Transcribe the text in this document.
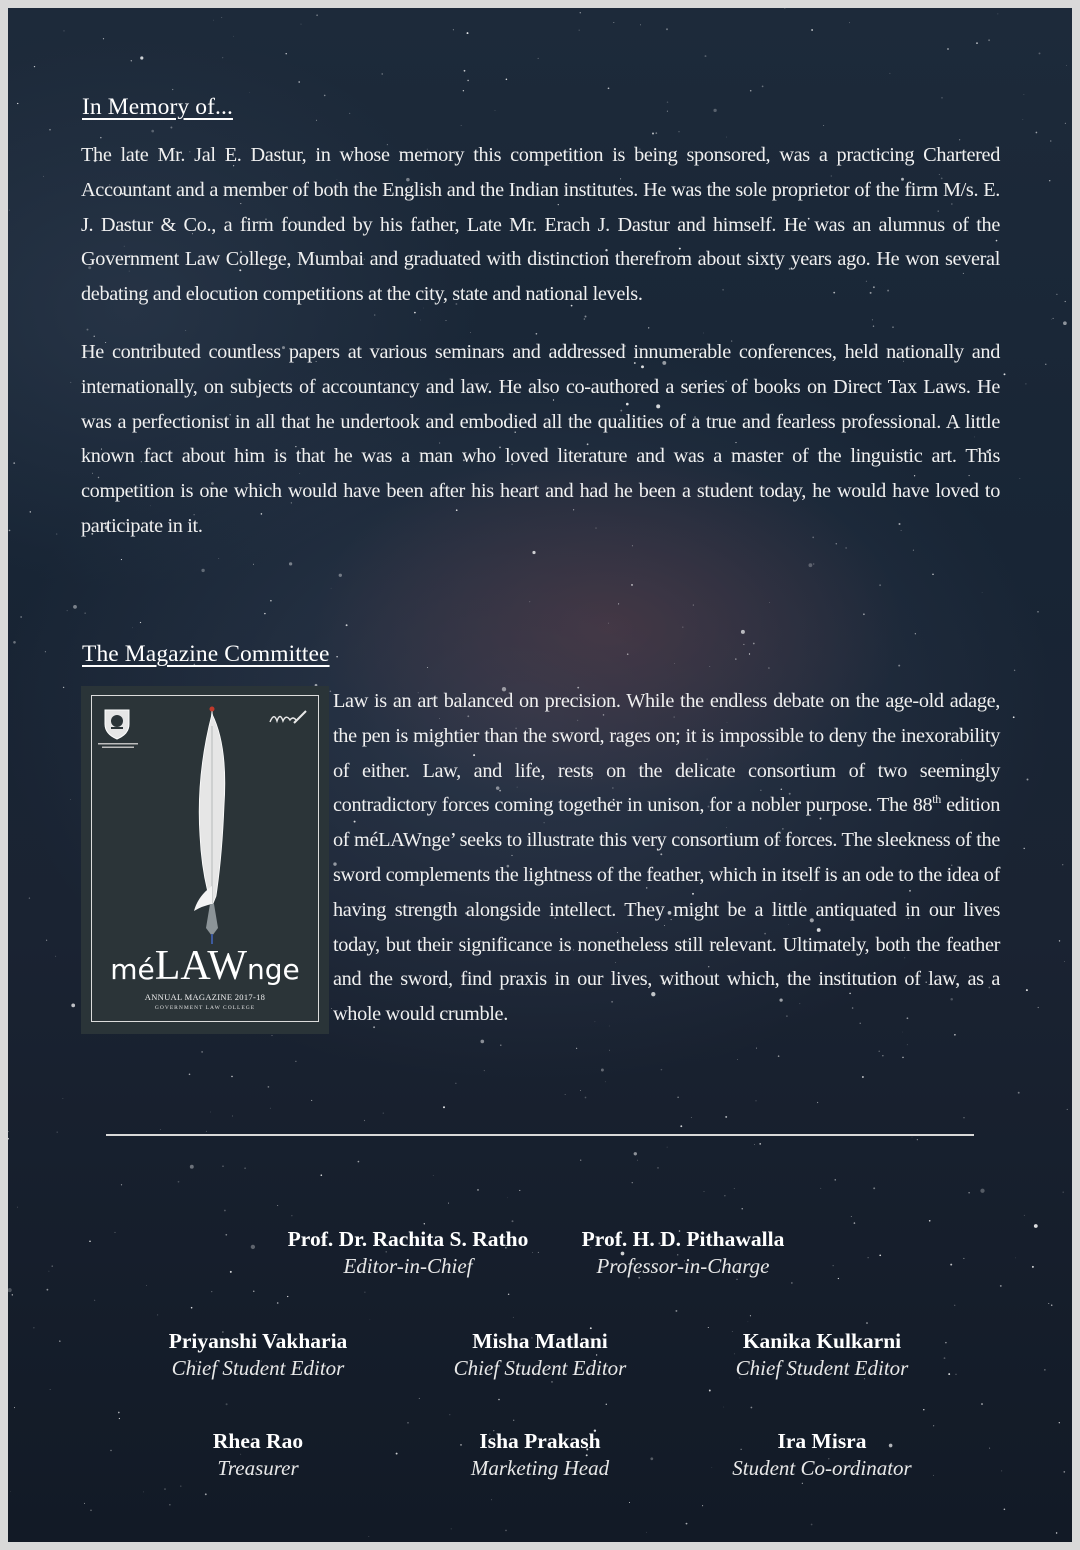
In Memory of...

The late Mr. Jal E. Dastur, in whose memory this competition is being sponsored, was a practicing Chartered Accountant and a member of both the English and the Indian institutes. He was the sole proprietor of the firm M/s. E. J. Dastur & Co., a firm founded by his father, Late Mr. Erach J. Dastur and himself. He was an alumnus of the Government Law College, Mumbai and graduated with distinction therefrom about sixty years ago. He won several debating and elocution competitions at the city, state and national levels.

He contributed countless papers at various seminars and addressed innumerable conferences, held nationally and internationally, on subjects of accountancy and law. He also co-authored a series of books on Direct Tax Laws. He was a perfectionist in all that he undertook and embodied all the qualities of a true and fearless professional. A little known fact about him is that he was a man who loved literature and was a master of the linguistic art. This competition is one which would have been after his heart and had he been a student today, he would have loved to participate in it.

The Magazine Committee
méLAWnge
ANNUAL MAGAZINE 2017-18
GOVERNMENT LAW COLLEGE

Law is an art balanced on precision. While the endless debate on the age-old adage, the pen is mightier than the sword, rages on; it is impossible to deny the inexorability of either. Law, and life, rests on the delicate consortium of two seemingly contradictory forces coming together in unison, for a nobler purpose. The 88th edition of méLAWnge’ seeks to illustrate this very consortium of forces. The sleekness of the sword complements the lightness of the feather, which in itself is an ode to the idea of having strength alongside intellect. They might be a little antiquated in our lives today, but their significance is nonetheless still relevant. Ultimately, both the feather and the sword, find praxis in our lives, without which, the institution of law, as a whole would crumble.

Prof. Dr. Rachita S. Ratho
Editor-in-Chief
Prof. H. D. Pithawalla
Professor-in-Charge
Priyanshi Vakharia
Chief Student Editor
Misha Matlani
Chief Student Editor
Kanika Kulkarni
Chief Student Editor
Rhea Rao
Treasurer
Isha Prakash
Marketing Head
Ira Misra
Student Co-ordinator
